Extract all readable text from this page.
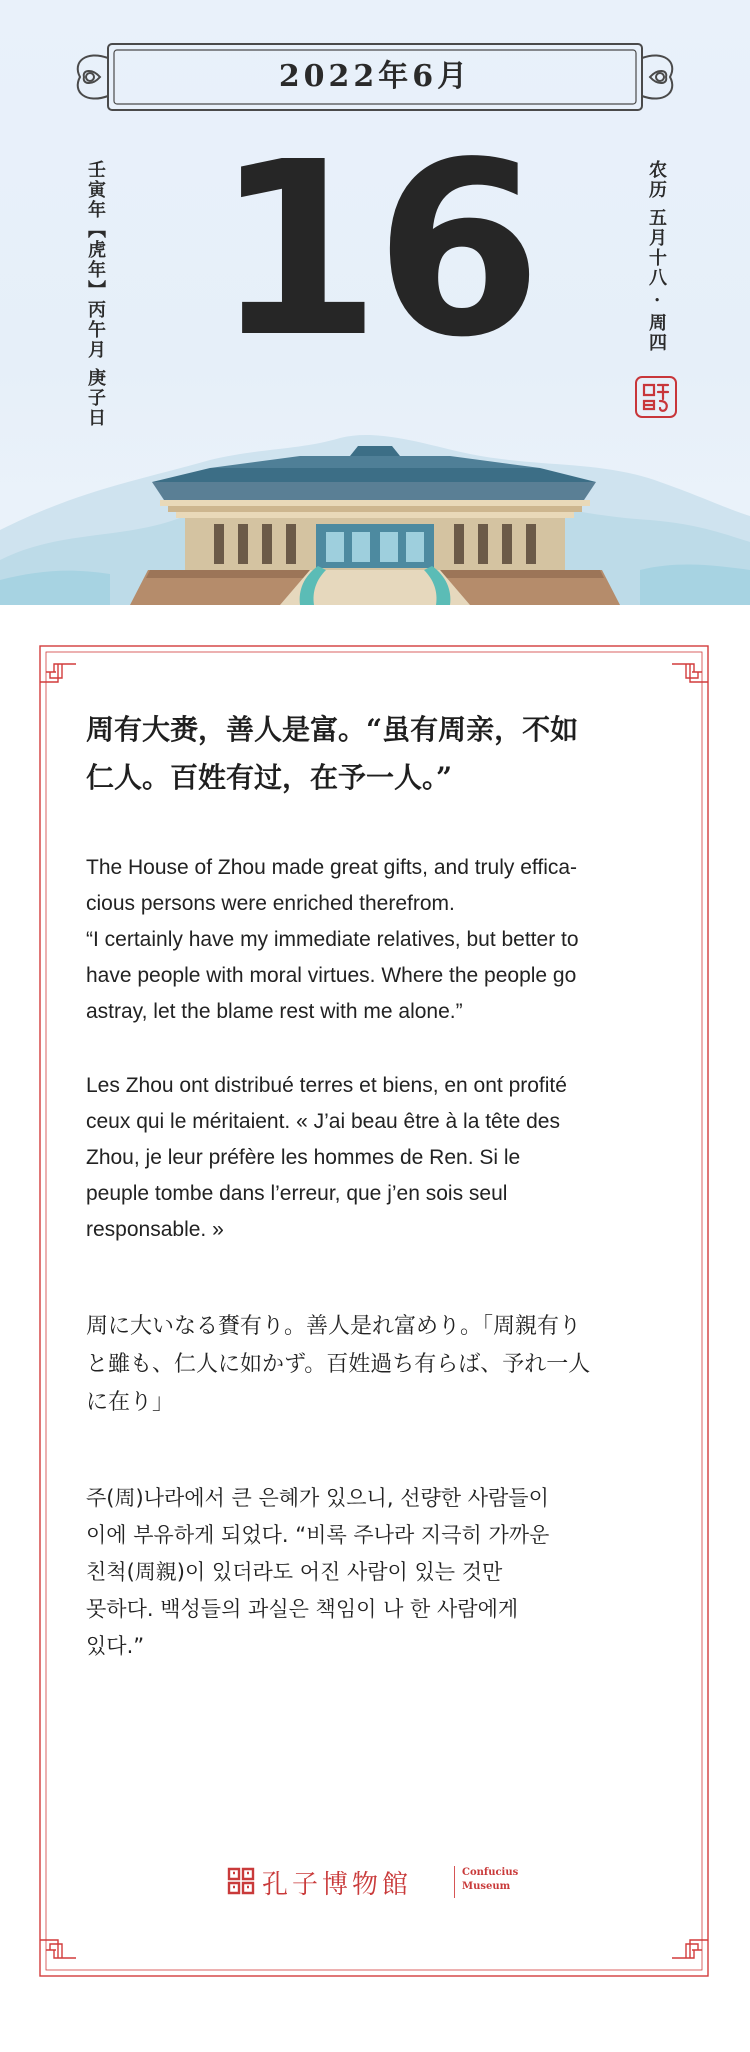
2022年6月
壬寅年【虎年】丙午月 庚子日 16	农历 五月十八 · 周四
周有大赉，善人是富。“虽有周亲，不如
仁人。百姓有过，在予一人。”
The House of Zhou made great gifts, and truly effica-
cious persons were enriched therefrom.
“I certainly have my immediate relatives, but better to
have people with moral virtues. Where the people go
astray, let the blame rest with me alone.”
Les Zhou ont distribué terres et biens, en ont profité
ceux qui le méritaient. « J’ai beau être à la tête des
Zhou, je leur préfère les hommes de Ren. Si le
peuple tombe dans l’erreur, que j’en sois seul
responsable. »
周に大いなる賚有り。善人是れ富めり。「周親有り
と雖も、仁人に如かず。百姓過ち有らば、予れ一人
に在り」
주(周)나라에서 큰 은혜가 있으니, 선량한 사람들이
이에 부유하게 되었다. “비록 주나라 지극히 가까운
친척(周親)이 있더라도 어진 사람이 있는 것만
못하다. 백성들의 과실은 책임이 나 한 사람에게
있다.”
孔子博物館	Confucius
Museum
